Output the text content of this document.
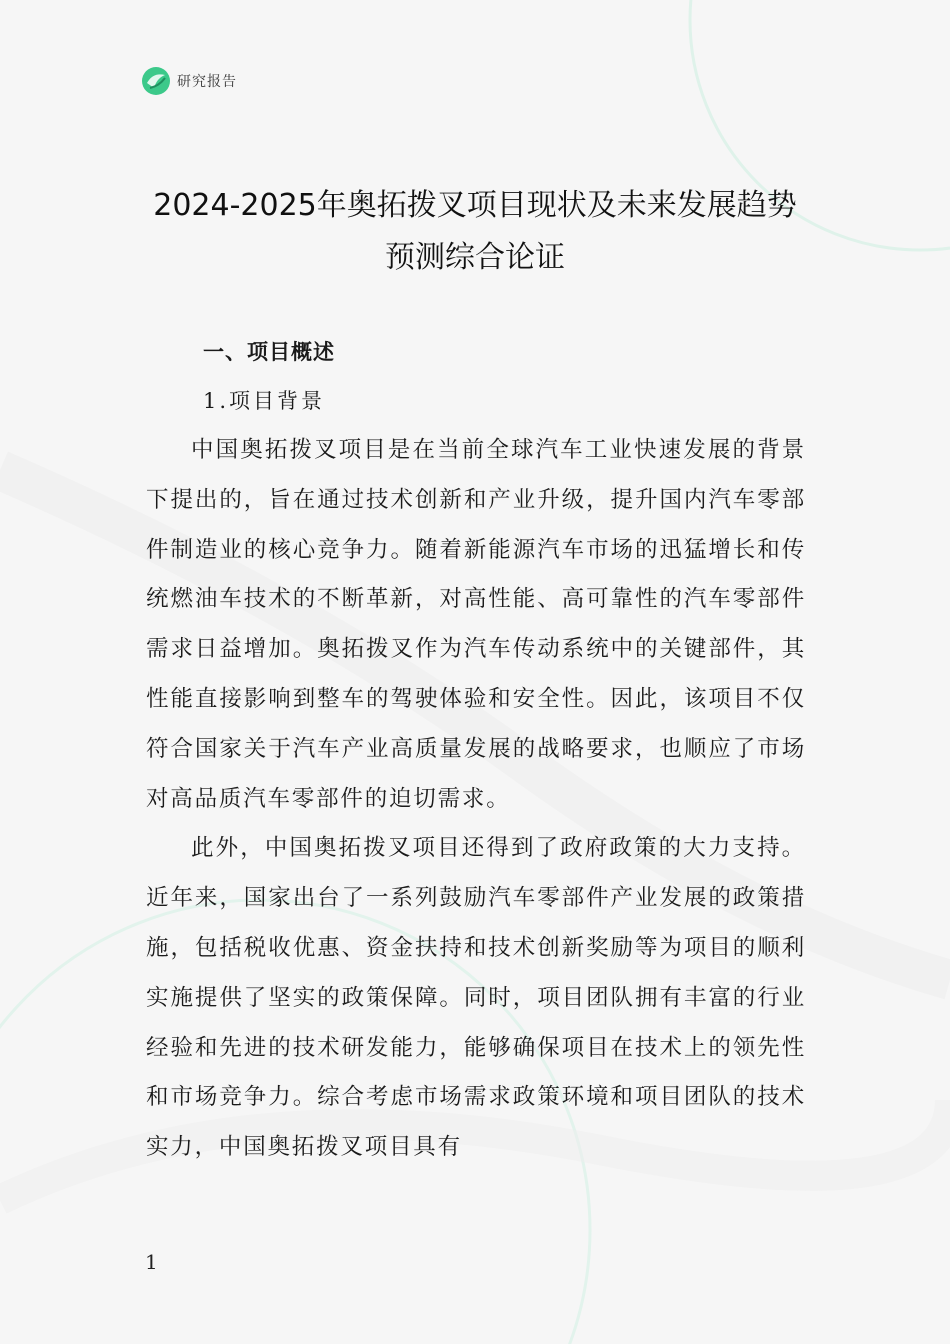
研究报告
2024-2025年奥拓拨叉项目现状及未来发展趋势
预测综合论证
一、项目概述
1.项目背景

中国奥拓拨叉项目是在当前全球汽车工业快速发展的背景下提出的，旨在通过技术创新和产业升级，提升国内汽车零部件制造业的核心竞争力。随着新能源汽车市场的迅猛增长和传统燃油车技术的不断革新，对高性能、高可靠性的汽车零部件需求日益增加。奥拓拨叉作为汽车传动系统中的关键部件，其性能直接影响到整车的驾驶体验和安全性。因此，该项目不仅符合国家关于汽车产业高质量发展的战略要求，也顺应了市场对高品质汽车零部件的迫切需求。

此外，中国奥拓拨叉项目还得到了政府政策的大力支持。近年来，国家出台了一系列鼓励汽车零部件产业发展的政策措施，包括税收优惠、资金扶持和技术创新奖励等为项目的顺利实施提供了坚实的政策保障。同时，项目团队拥有丰富的行业经验和先进的技术研发能力，能够确保项目在技术上的领先性和市场竞争力。综合考虑市场需求政策环境和项目团队的技术实力，中国奥拓拨叉项目具有

1
